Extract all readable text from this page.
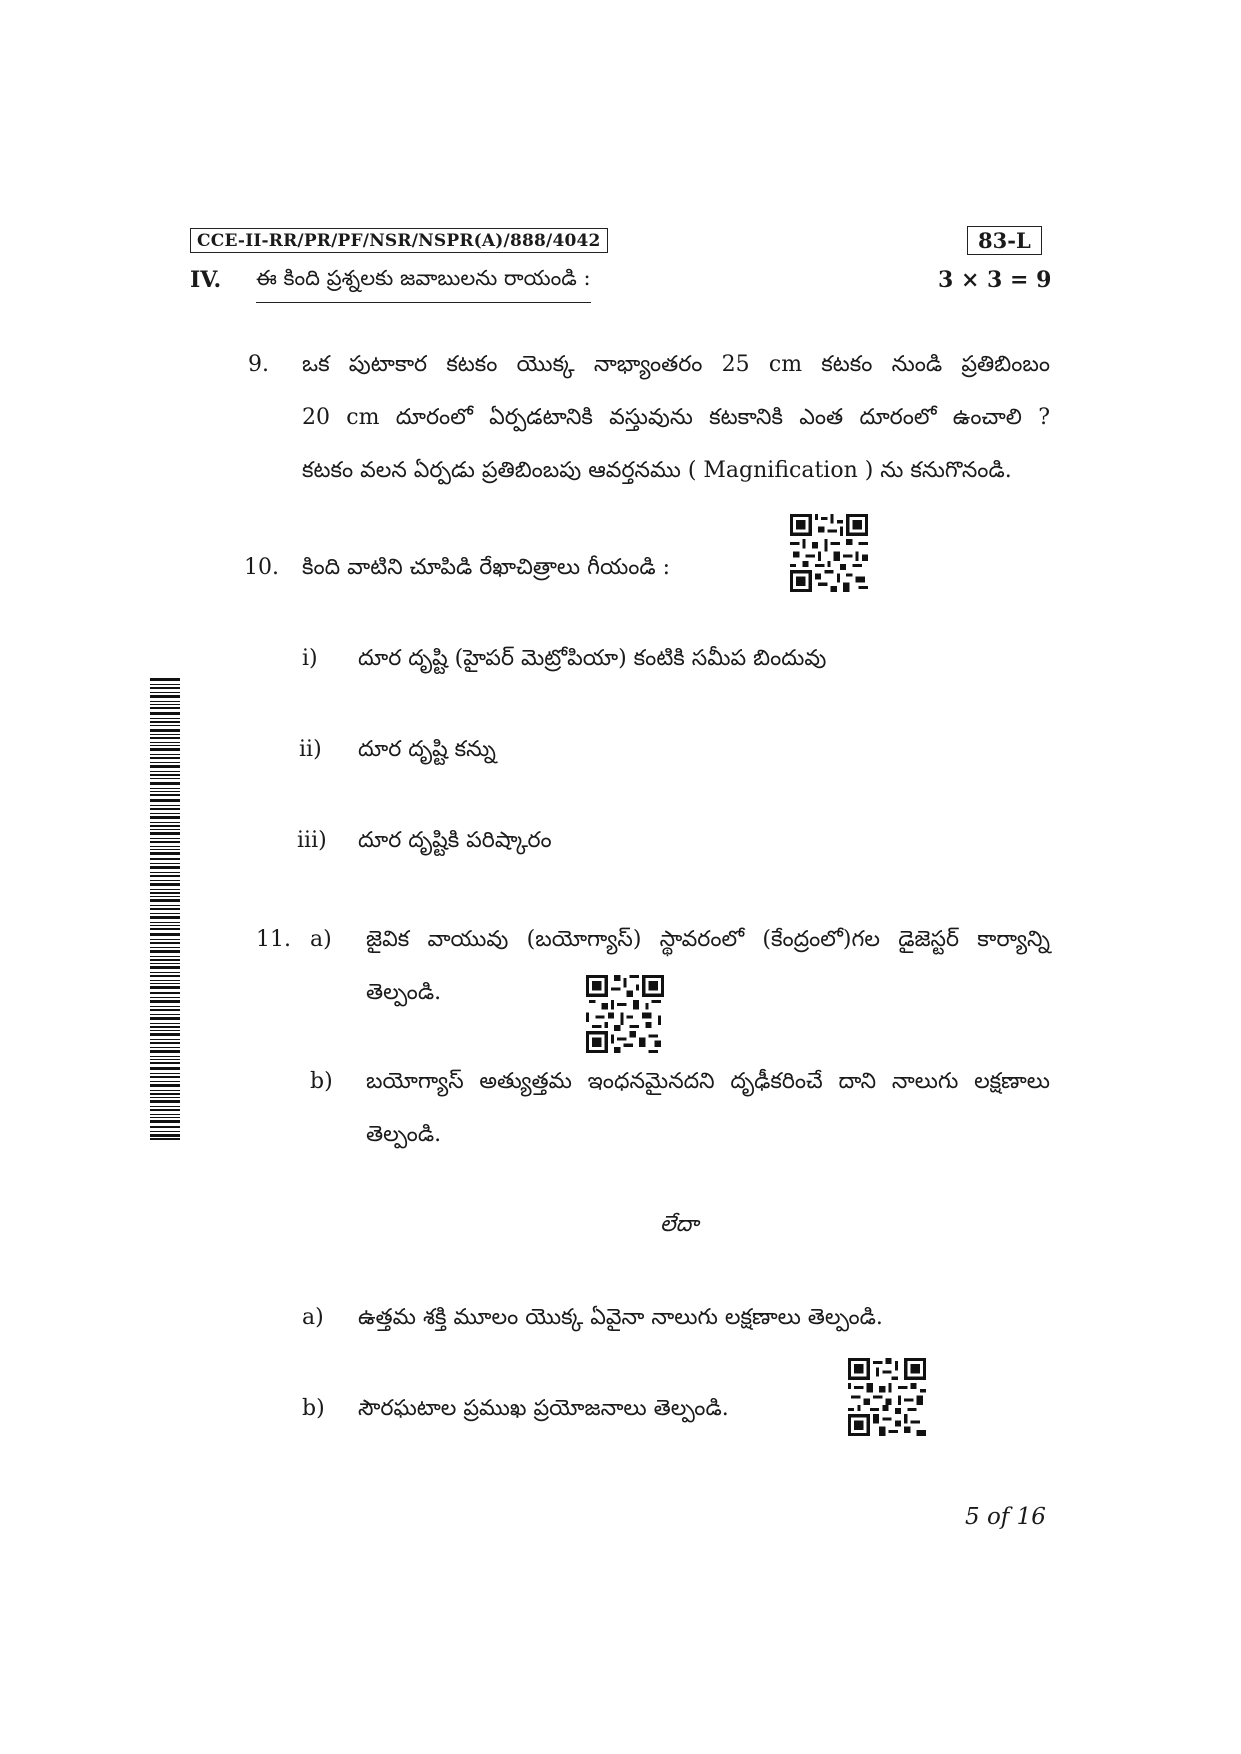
CCE-II-RR/PR/PF/NSR/NSPR(A)/888/4042	83-L
IV. ఈ కింది ప్రశ్నలకు జవాబులను రాయండి :	3 × 3 = 9
9. ఒక పుటాకార కటకం యొక్క నాభ్యాంతరం 25 cm కటకం నుండి ప్రతిబింబం
20 cm దూరంలో ఏర్పడటానికి వస్తువును కటకానికి ఎంత దూరంలో ఉంచాలి ?
కటకం వలన ఏర్పడు ప్రతిబింబపు ఆవర్తనము ( Magnification ) ను కనుగొనండి.
10. కింది వాటిని చూపిడి రేఖాచిత్రాలు గీయండి :
i) దూర దృష్టి (హైపర్ మెట్రోపియా) కంటికి సమీప బిందువు
ii) దూర దృష్టి కన్ను
iii) దూర దృష్టికి పరిష్కారం
11. a) జైవిక వాయువు (బయోగ్యాస్) స్థావరంలో (కేంద్రంలో)గల డైజెస్టర్ కార్యాన్ని
తెల్పండి.
b) బయోగ్యాస్ అత్యుత్తమ ఇంధనమైనదని దృఢీకరించే దాని నాలుగు లక్షణాలు
తెల్పండి.
లేదా
a) ఉత్తమ శక్తి మూలం యొక్క ఏవైనా నాలుగు లక్షణాలు తెల్పండి.
b) సౌరఘటాల ప్రముఖ ప్రయోజనాలు తెల్పండి.
5 of 16
